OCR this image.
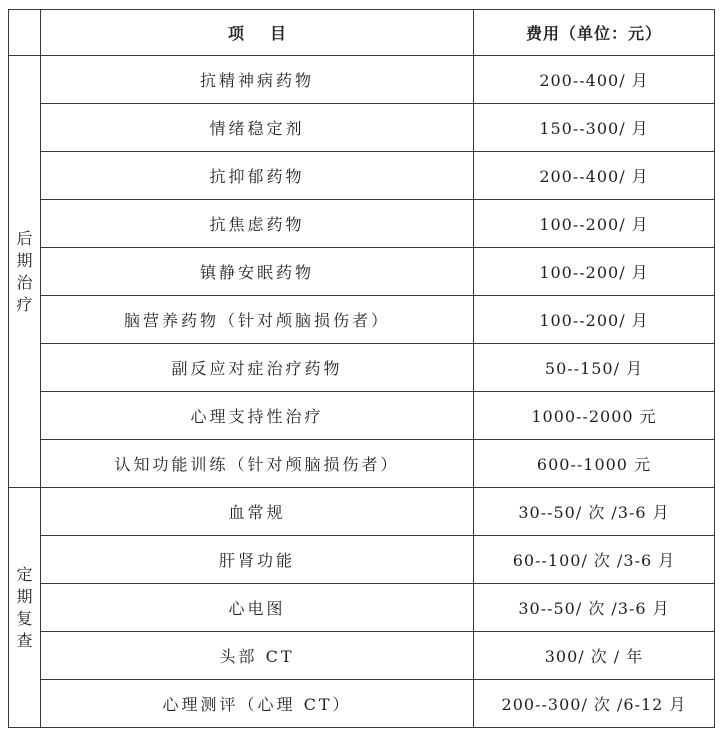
	项目	费用（单位：元）

后
期
治
疗	抗精神病药物	200--400/ 月
	情绪稳定剂	150--300/ 月
	抗抑郁药物	200--400/ 月
	抗焦虑药物	100--200/ 月
	镇静安眠药物	100--200/ 月
	脑营养药物（针对颅脑损伤者）	100--200/ 月
	副反应对症治疗药物	50--150/ 月
	心理支持性治疗	1000--2000 元
	认知功能训练（针对颅脑损伤者）	600--1000 元

定
期
复
查	血常规	30--50/ 次 /3-6 月
	肝肾功能	60--100/ 次 /3-6 月
	心电图	30--50/ 次 /3-6 月
	头部 CT	300/ 次 / 年
	心理测评（心理 CT）	200--300/ 次 /6-12 月
